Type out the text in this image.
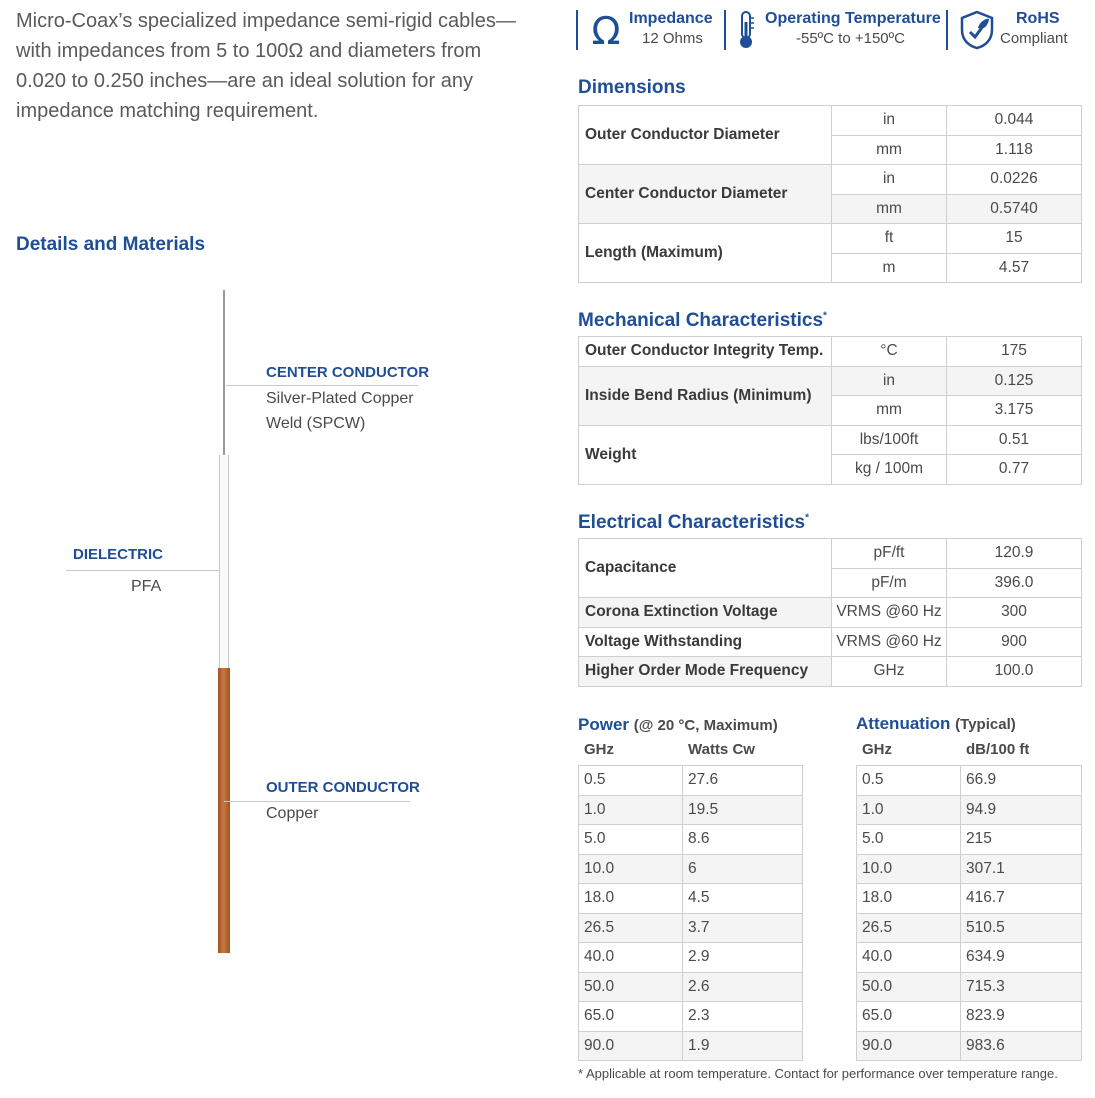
Micro-Coax’s specialized impedance semi-rigid cables—with impedances from 5 to 100Ω and diameters from 0.020 to 0.250 inches—are an ideal solution for any impedance matching requirement.
Details and Materials
CENTER CONDUCTOR
Silver-Plated Copper
Weld (SPCW)
DIELECTRIC
PFA
OUTER CONDUCTOR
Copper
Ω Impedance
12 Ohms
Operating Temperature
-55ºC to +150ºC
RoHS
Compliant
Dimensions
Outer Conductor Diameter	in	0.044
	mm	1.118
Center Conductor Diameter	in	0.0226
	mm	0.5740
Length (Maximum)	ft	15
	m	4.57
Mechanical Characteristics*
Outer Conductor Integrity Temp.	°C	175
Inside Bend Radius (Minimum)	in	0.125
	mm	3.175
Weight	lbs/100ft	0.51
	kg / 100m	0.77
Electrical Characteristics*
Capacitance	pF/ft	120.9
	pF/m	396.0
Corona Extinction Voltage	VRMS @60 Hz	300
Voltage Withstanding	VRMS @60 Hz	900
Higher Order Mode Frequency	GHz	100.0
Power (@ 20 °C, Maximum)
GHz	Watts Cw
0.5	27.6
1.0	19.5
5.0	8.6
10.0	6
18.0	4.5
26.5	3.7
40.0	2.9
50.0	2.6
65.0	2.3
90.0	1.9
Attenuation (Typical)
GHz	dB/100 ft
0.5	66.9
1.0	94.9
5.0	215
10.0	307.1
18.0	416.7
26.5	510.5
40.0	634.9
50.0	715.3
65.0	823.9
90.0	983.6
* Applicable at room temperature. Contact for performance over temperature range.
